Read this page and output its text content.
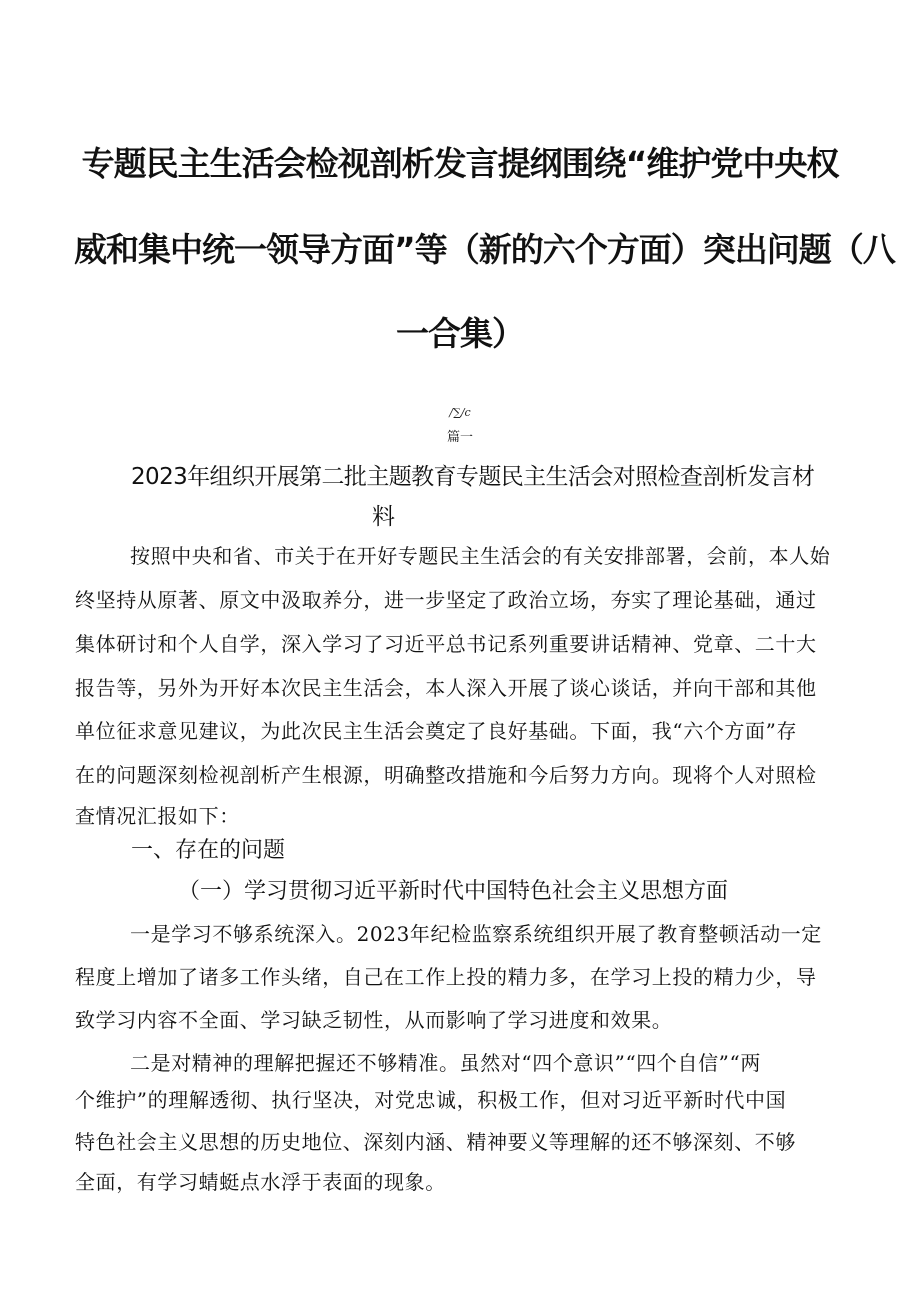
专题民主生活会检视剖析发言提纲围绕“维护党中央权
威和集中统一领导方面”等（新的六个方面）突出问题（八
一合集）
/∑/c
篇一
2023年组织开展第二批主题教育专题民主生活会对照检查剖析发言材
料
按照中央和省、市关于在开好专题民主生活会的有关安排部署，会前，本人始
终坚持从原著、原文中汲取养分，进一步坚定了政治立场，夯实了理论基础，通过
集体研讨和个人自学，深入学习了习近平总书记系列重要讲话精神、党章、二十大
报告等，另外为开好本次民主生活会，本人深入开展了谈心谈话，并向干部和其他
单位征求意见建议，为此次民主生活会奠定了良好基础。下面，我“六个方面”存
在的问题深刻检视剖析产生根源，明确整改措施和今后努力方向。现将个人对照检
查情况汇报如下：
一、存在的问题
（一）学习贯彻习近平新时代中国特色社会主义思想方面
一是学习不够系统深入。2023年纪检监察系统组织开展了教育整顿活动一定
程度上增加了诸多工作头绪，自己在工作上投的精力多，在学习上投的精力少，导
致学习内容不全面、学习缺乏韧性，从而影响了学习进度和效果。
二是对精神的理解把握还不够精准。虽然对“四个意识”“四个自信”“两
个维护”的理解透彻、执行坚决，对党忠诚，积极工作，但对习近平新时代中国
特色社会主义思想的历史地位、深刻内涵、精神要义等理解的还不够深刻、不够
全面，有学习蜻蜓点水浮于表面的现象。
